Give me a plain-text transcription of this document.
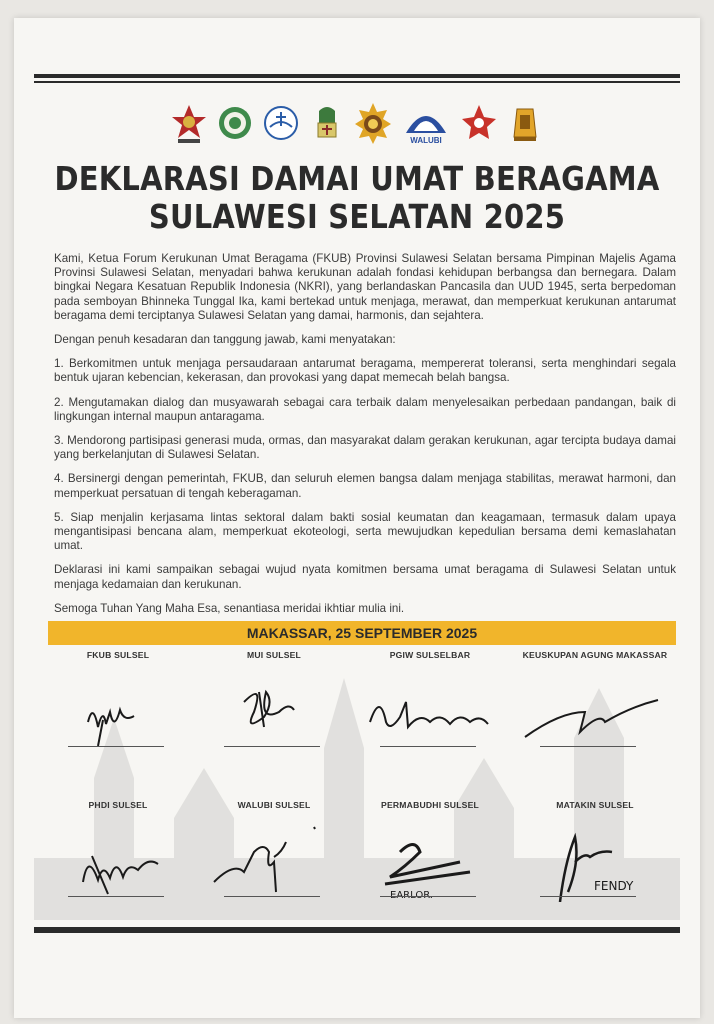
WALUBI
DEKLARASI DAMAI UMAT BERAGAMA
SULAWESI SELATAN 2025

Kami, Ketua Forum Kerukunan Umat Beragama (FKUB) Provinsi Sulawesi Selatan bersama Pimpinan Majelis Agama Provinsi Sulawesi Selatan, menyadari bahwa kerukunan adalah fondasi kehidupan berbangsa dan bernegara. Dalam bingkai Negara Kesatuan Republik Indonesia (NKRI), yang berlandaskan Pancasila dan UUD 1945, serta berpedoman pada semboyan Bhinneka Tunggal Ika, kami bertekad untuk menjaga, merawat, dan memperkuat kerukunan antarumat beragama demi terciptanya Sulawesi Selatan yang damai, harmonis, dan sejahtera.

Dengan penuh kesadaran dan tanggung jawab, kami menyatakan:

1. Berkomitmen untuk menjaga persaudaraan antarumat beragama, mempererat toleransi, serta menghindari segala bentuk ujaran kebencian, kekerasan, dan provokasi yang dapat memecah belah bangsa.

2. Mengutamakan dialog dan musyawarah sebagai cara terbaik dalam menyelesaikan perbedaan pandangan, baik di lingkungan internal maupun antaragama.

3. Mendorong partisipasi generasi muda, ormas, dan masyarakat dalam gerakan kerukunan, agar tercipta budaya damai yang berkelanjutan di Sulawesi Selatan.

4. Bersinergi dengan pemerintah, FKUB, dan seluruh elemen bangsa dalam menjaga stabilitas, merawat harmoni, dan memperkuat persatuan di tengah keberagaman.

5. Siap menjalin kerjasama lintas sektoral dalam bakti sosial keumatan dan keagamaan, termasuk dalam upaya mengantisipasi bencana alam, memperkuat ekoteologi, serta mewujudkan kepedulian bersama demi kemaslahatan umat.

Deklarasi ini kami sampaikan sebagai wujud nyata komitmen bersama umat beragama di Sulawesi Selatan untuk menjaga kedamaian dan kerukunan.

Semoga Tuhan Yang Maha Esa, senantiasa meridai ikhtiar mulia ini.

MAKASSAR, 25 SEPTEMBER 2025
FKUB SULSEL	MUI SULSEL	PGIW SULSELBAR	KEUSKUPAN AGUNG MAKASSAR
PHDI SULSEL	WALUBI SULSEL	PERMABUDHI SULSEL	MATAKIN SULSEL
FENDY
